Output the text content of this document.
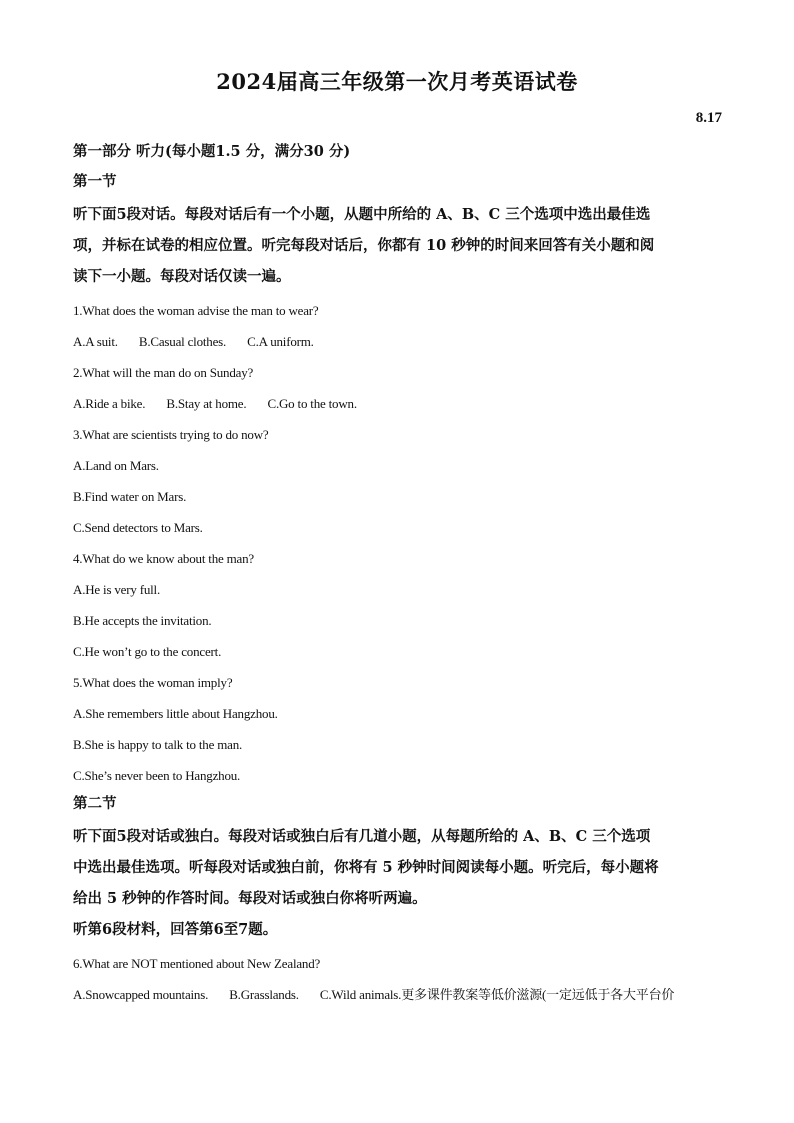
2024届高三年级第一次月考英语试卷
8.17
第一部分 听力(每小题1.5 分，满分30 分)
第一节
听下面5段对话。每段对话后有一个小题，从题中所给的 A、B、C 三个选项中选出最佳选
项，并标在试卷的相应位置。听完每段对话后，你都有 10 秒钟的时间来回答有关小题和阅
读下一小题。每段对话仅读一遍。
1.What does the woman advise the man to wear?
A.A suit. B.Casual clothes. C.A uniform.
2.What will the man do on Sunday?
A.Ride a bike. B.Stay at home. C.Go to the town.
3.What are scientists trying to do now?
A.Land on Mars.
B.Find water on Mars.
C.Send detectors to Mars.
4.What do we know about the man?
A.He is very full.
B.He accepts the invitation.
C.He won’t go to the concert.
5.What does the woman imply?
A.She remembers little about Hangzhou.
B.She is happy to talk to the man.
C.She’s never been to Hangzhou.
第二节
听下面5段对话或独白。每段对话或独白后有几道小题，从每题所给的 A、B、C 三个选项
中选出最佳选项。听每段对话或独白前，你将有 5 秒钟时间阅读每小题。听完后，每小题将
给出 5 秒钟的作答时间。每段对话或独白你将听两遍。
听第6段材料，回答第6至7题。
6.What are NOT mentioned about New Zealand?
A.Snowcapped mountains. B.Grasslands. C.Wild animals.更多课件教案等低价滋源(一定远低于各大平台价
